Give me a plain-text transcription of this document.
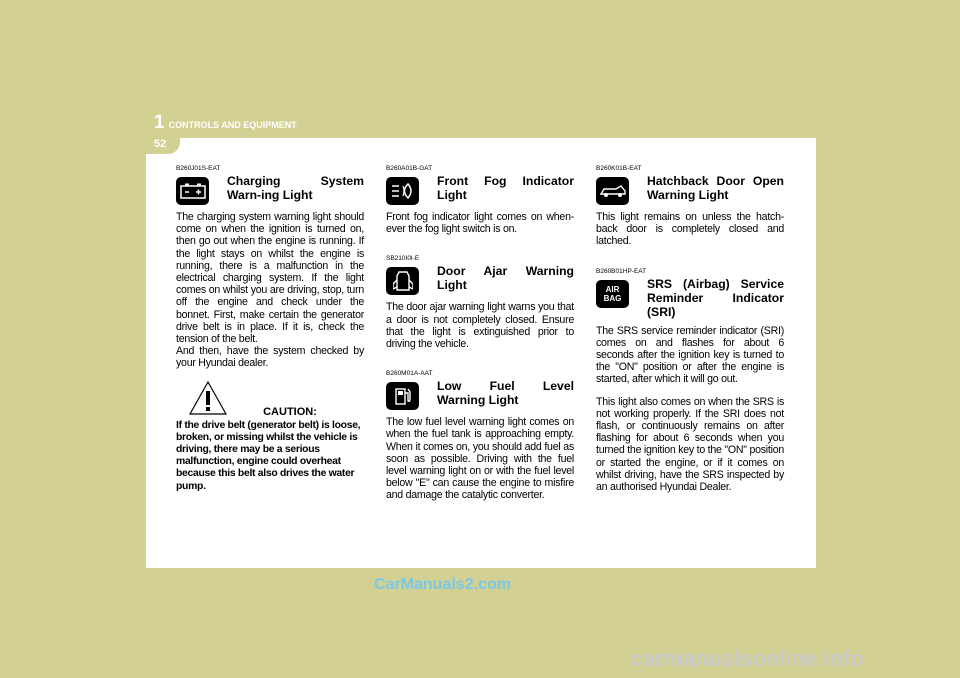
1 CONTROLS AND EQUIPMENT
52
B260J01S-EAT
Charging System Warn-ing Light
The charging system warning light should come on when the ignition is turned on, then go out when the engine is running. If the light stays on whilst the engine is running, there is a malfunction in the electrical charging system. If the light comes on whilst you are driving, stop, turn off the engine and check under the bonnet. First, make certain the generator drive belt is in place. If it is, check the tension of the belt.
And then, have the system checked by your Hyundai dealer.
CAUTION:
If the drive belt (generator belt) is loose, broken, or missing whilst the vehicle is driving, there may be a serious malfunction, engine could overheat because this belt also drives the water pump.
B260A01B-GAT
Front Fog Indicator Light
Front fog indicator light comes on when-ever the fog light switch is on.
SB210I0I-E
Door Ajar Warning Light
The door ajar warning light warns you that a door is not completely closed. Ensure that the light is extinguished prior to driving the vehicle.
B260M01A-AAT
Low Fuel Level Warning Light
The low fuel level warning light comes on when the fuel tank is approaching empty. When it comes on, you should add fuel as soon as possible. Driving with the fuel level warning light on or with the fuel level below "E" can cause the engine to misfire and damage the catalytic converter.
B260K01B-EAT
Hatchback Door Open Warning Light
This light remains on unless the hatch-back door is completely closed and latched.
B260B01HP-EAT
AIR BAG
SRS (Airbag) Service Reminder Indicator (SRI)
The SRS service reminder indicator (SRI) comes on and flashes for about 6 seconds after the ignition key is turned to the "ON" position or after the engine is started, after which it will go out.
This light also comes on when the SRS is not working properly. If the SRI does not flash, or continuously remains on after flashing for about 6 seconds when you turned the ignition key to the "ON" position or started the engine, or if it comes on whilst driving, have the SRS inspected by an authorised Hyundai Dealer.
CarManuals2.com
carmanualsonline.info
